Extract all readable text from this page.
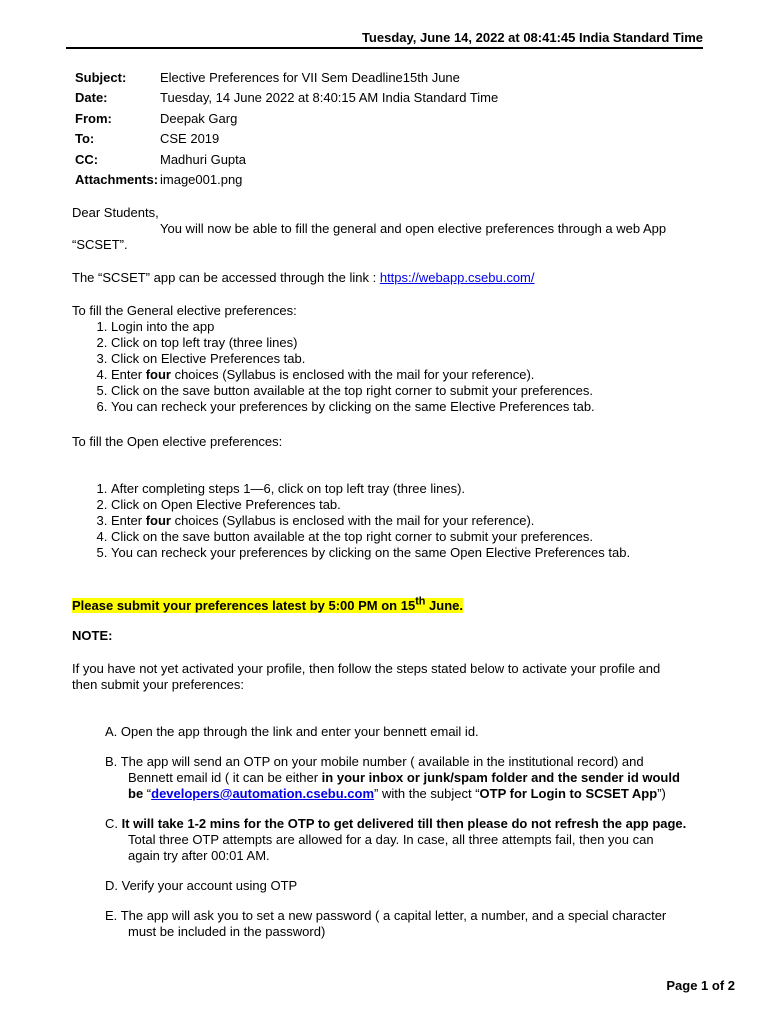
Tuesday, June 14, 2022 at 08:41:45 India Standard Time
Subject:	Elective Preferences for VII Sem Deadline15th June
Date:	Tuesday, 14 June 2022 at 8:40:15 AM India Standard Time
From:	Deepak Garg
To:	CSE 2019
CC:	Madhuri Gupta
Attachments: image001.png

Dear Students,

You will now be able to fill the general and open elective preferences through a web App

“SCSET”.

The “SCSET” app can be accessed through the link : https://webapp.csebu.com/

To fill the General elective preferences:

1. Login into the app
2. Click on top left tray (three lines)
3. Click on Elective Preferences tab.
4. Enter four choices (Syllabus is enclosed with the mail for your reference).
5. Click on the save button available at the top right corner to submit your preferences.
6. You can recheck your preferences by clicking on the same Elective Preferences tab.

To fill the Open elective preferences:

1. After completing steps 1—6, click on top left tray (three lines).
2. Click on Open Elective Preferences tab.
3. Enter four choices (Syllabus is enclosed with the mail for your reference).
4. Click on the save button available at the top right corner to submit your preferences.
5. You can recheck your preferences by clicking on the same Open Elective Preferences tab.

Please submit your preferences latest by 5:00 PM on 15th June.

NOTE:

If you have not yet activated your profile, then follow the steps stated below to activate your profile and

then submit your preferences:

A. Open the app through the link and enter your bennett email id.
B. The app will send an OTP on your mobile number ( available in the institutional record) and
Bennett email id ( it can be either in your inbox or junk/spam folder and the sender id would
be “developers@automation.csebu.com” with the subject “OTP for Login to SCSET App”)
C. It will take 1-2 mins for the OTP to get delivered till then please do not refresh the app page.
Total three OTP attempts are allowed for a day. In case, all three attempts fail, then you can
again try after 00:01 AM.
D. Verify your account using OTP
E. The app will ask you to set a new password ( a capital letter, a number, and a special character
must be included in the password)
Page 1 of 2
